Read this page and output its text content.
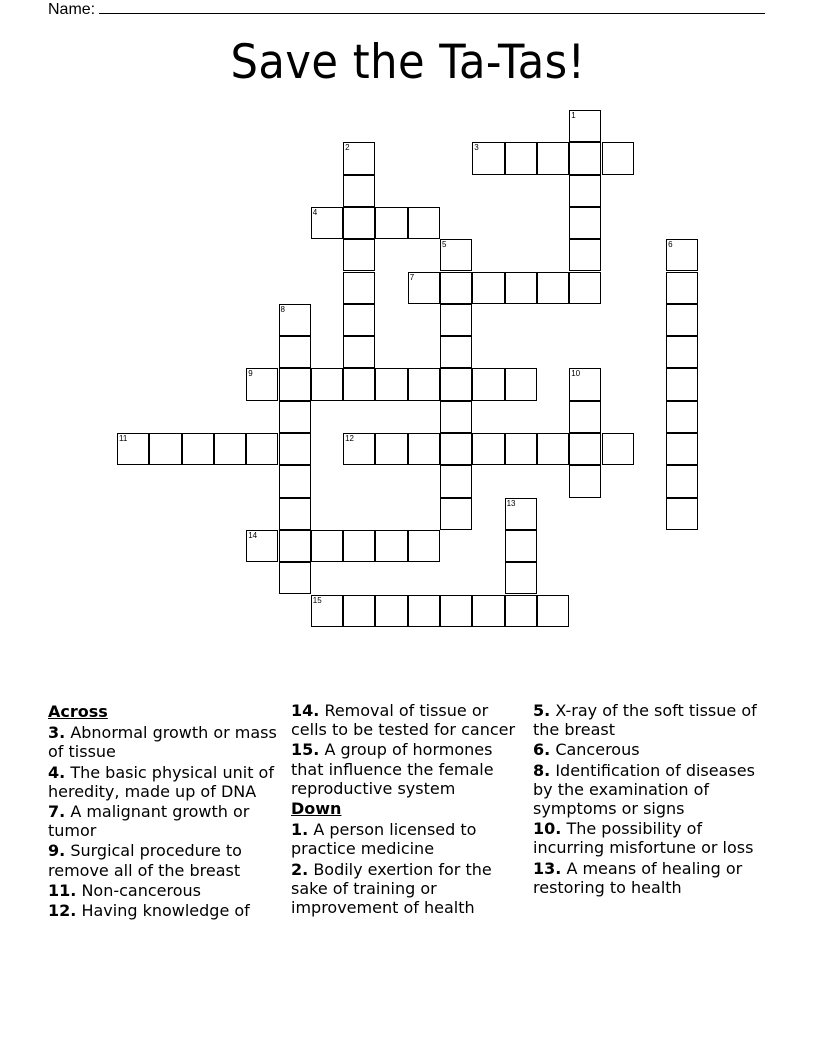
Name:
Save the Ta-Tas!
1
2	3
4
5	6
7
8
9	10
11	12
13
14
15
Across
3. Abnormal growth or mass of tissue
4. The basic physical unit of heredity, made up of DNA
7. A malignant growth or tumor
9. Surgical procedure to remove all of the breast
11. Non-cancerous
12. Having knowledge of
14. Removal of tissue or cells to be tested for cancer
15. A group of hormones that influence the female reproductive system
Down
1. A person licensed to practice medicine
2. Bodily exertion for the sake of training or improvement of health
5. X-ray of the soft tissue of the breast
6. Cancerous
8. Identification of diseases by the examination of symptoms or signs
10. The possibility of incurring misfortune or loss
13. A means of healing or restoring to health
